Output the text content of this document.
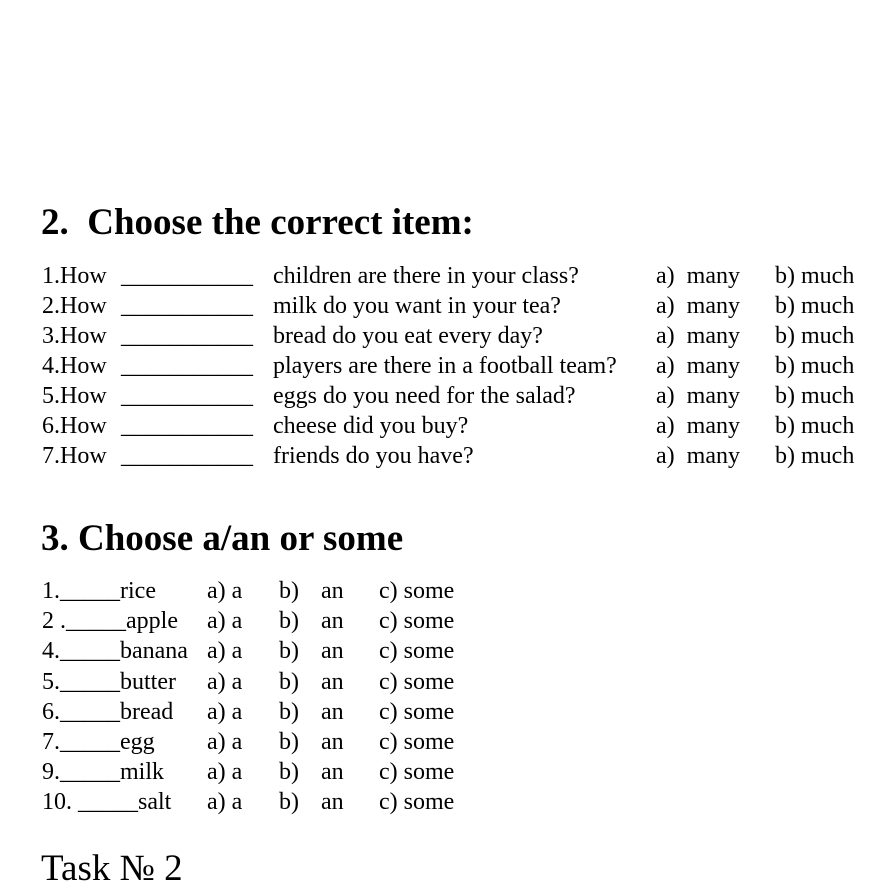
2.  Choose the correct item:
1.How ___________ children are there in your class?	a)  many b) much
2.How ___________ milk do you want in your tea?	a)  many b) much
3.How ___________ bread do you eat every day?	a)  many b) much
4.How ___________ players are there in a football team? a)  many b) much
5.How ___________ eggs do you need for the salad?	a)  many b) much
6.How ___________ cheese did you buy?	a)  many b) much
7.How ___________ friends do you have?	a)  many b) much
3. Choose a/an or some
1._____rice a) a b) an c) some
2 ._____apple a) a b) an c) some
4._____banana a) a b) an c) some
5._____butter a) a b) an c) some
6._____bread a) a b) an c) some
7._____egg a) a b) an c) some
9._____milk a) a b) an c) some
10. _____salt a) a b) an c) some
Task № 2
